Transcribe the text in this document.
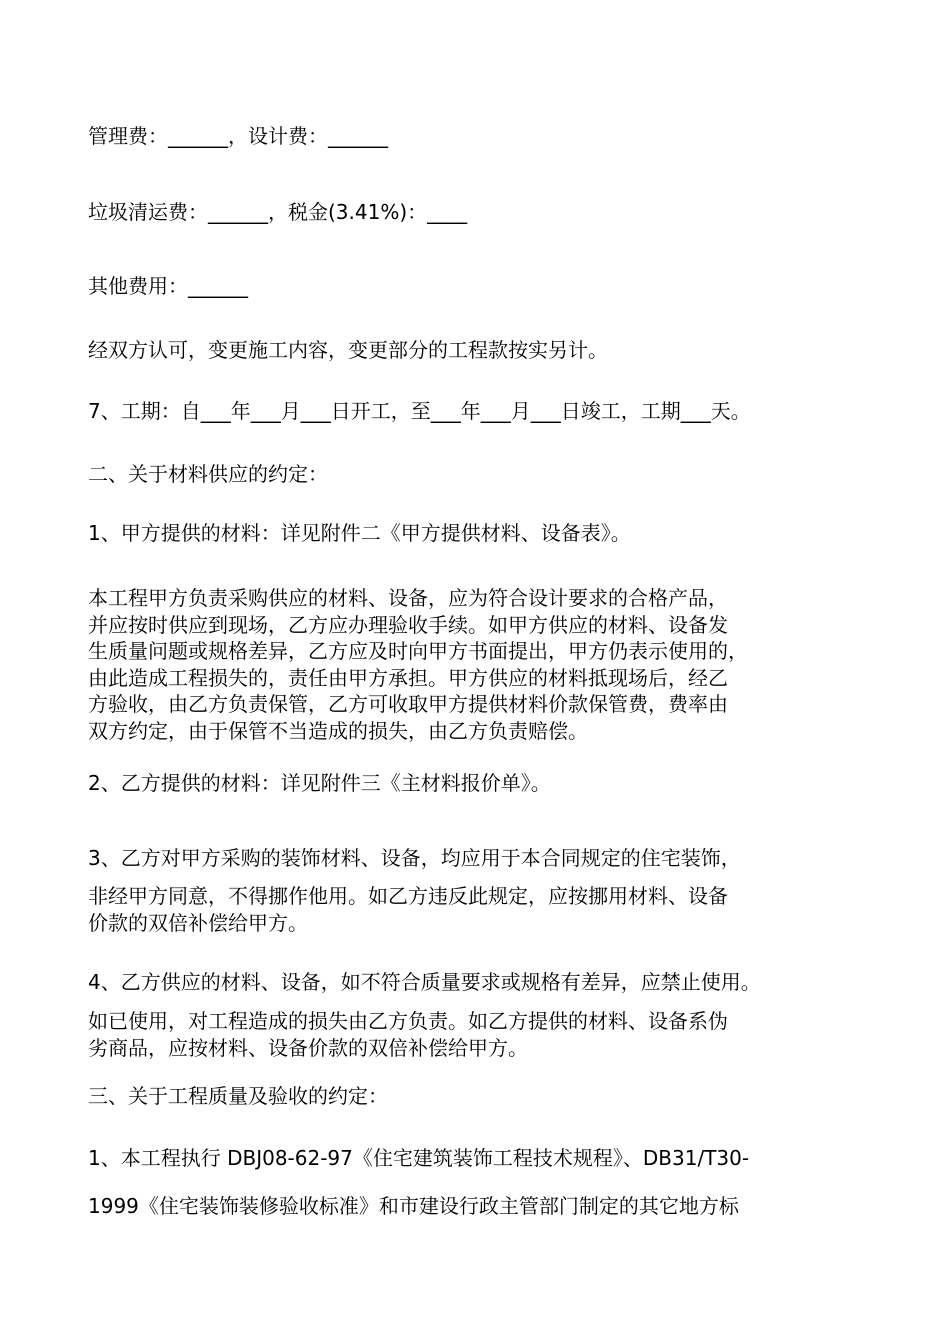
管理费：______，设计费：______
垃圾清运费：______，税金(3.41%)：____
其他费用：______
经双方认可，变更施工内容，变更部分的工程款按实另计。
7、工期：自___年___月___日开工，至___年___月___日竣工，工期___天。
二、关于材料供应的约定：
1、甲方提供的材料：详见附件二《甲方提供材料、设备表》。
本工程甲方负责采购供应的材料、设备，应为符合设计要求的合格产品，
并应按时供应到现场，乙方应办理验收手续。如甲方供应的材料、设备发
生质量问题或规格差异，乙方应及时向甲方书面提出，甲方仍表示使用的，
由此造成工程损失的，责任由甲方承担。甲方供应的材料抵现场后，经乙
方验收，由乙方负责保管，乙方可收取甲方提供材料价款保管费，费率由
双方约定，由于保管不当造成的损失，由乙方负责赔偿。
2、乙方提供的材料：详见附件三《主材料报价单》。
3、乙方对甲方采购的装饰材料、设备，均应用于本合同规定的住宅装饰，
非经甲方同意，不得挪作他用。如乙方违反此规定，应按挪用材料、设备
价款的双倍补偿给甲方。
4、乙方供应的材料、设备，如不符合质量要求或规格有差异，应禁止使用。
如已使用，对工程造成的损失由乙方负责。如乙方提供的材料、设备系伪
劣商品，应按材料、设备价款的双倍补偿给甲方。
三、关于工程质量及验收的约定：
1、本工程执行 DBJ08-62-97《住宅建筑装饰工程技术规程》、DB31/T30-
1999《住宅装饰装修验收标准》和市建设行政主管部门制定的其它地方标
